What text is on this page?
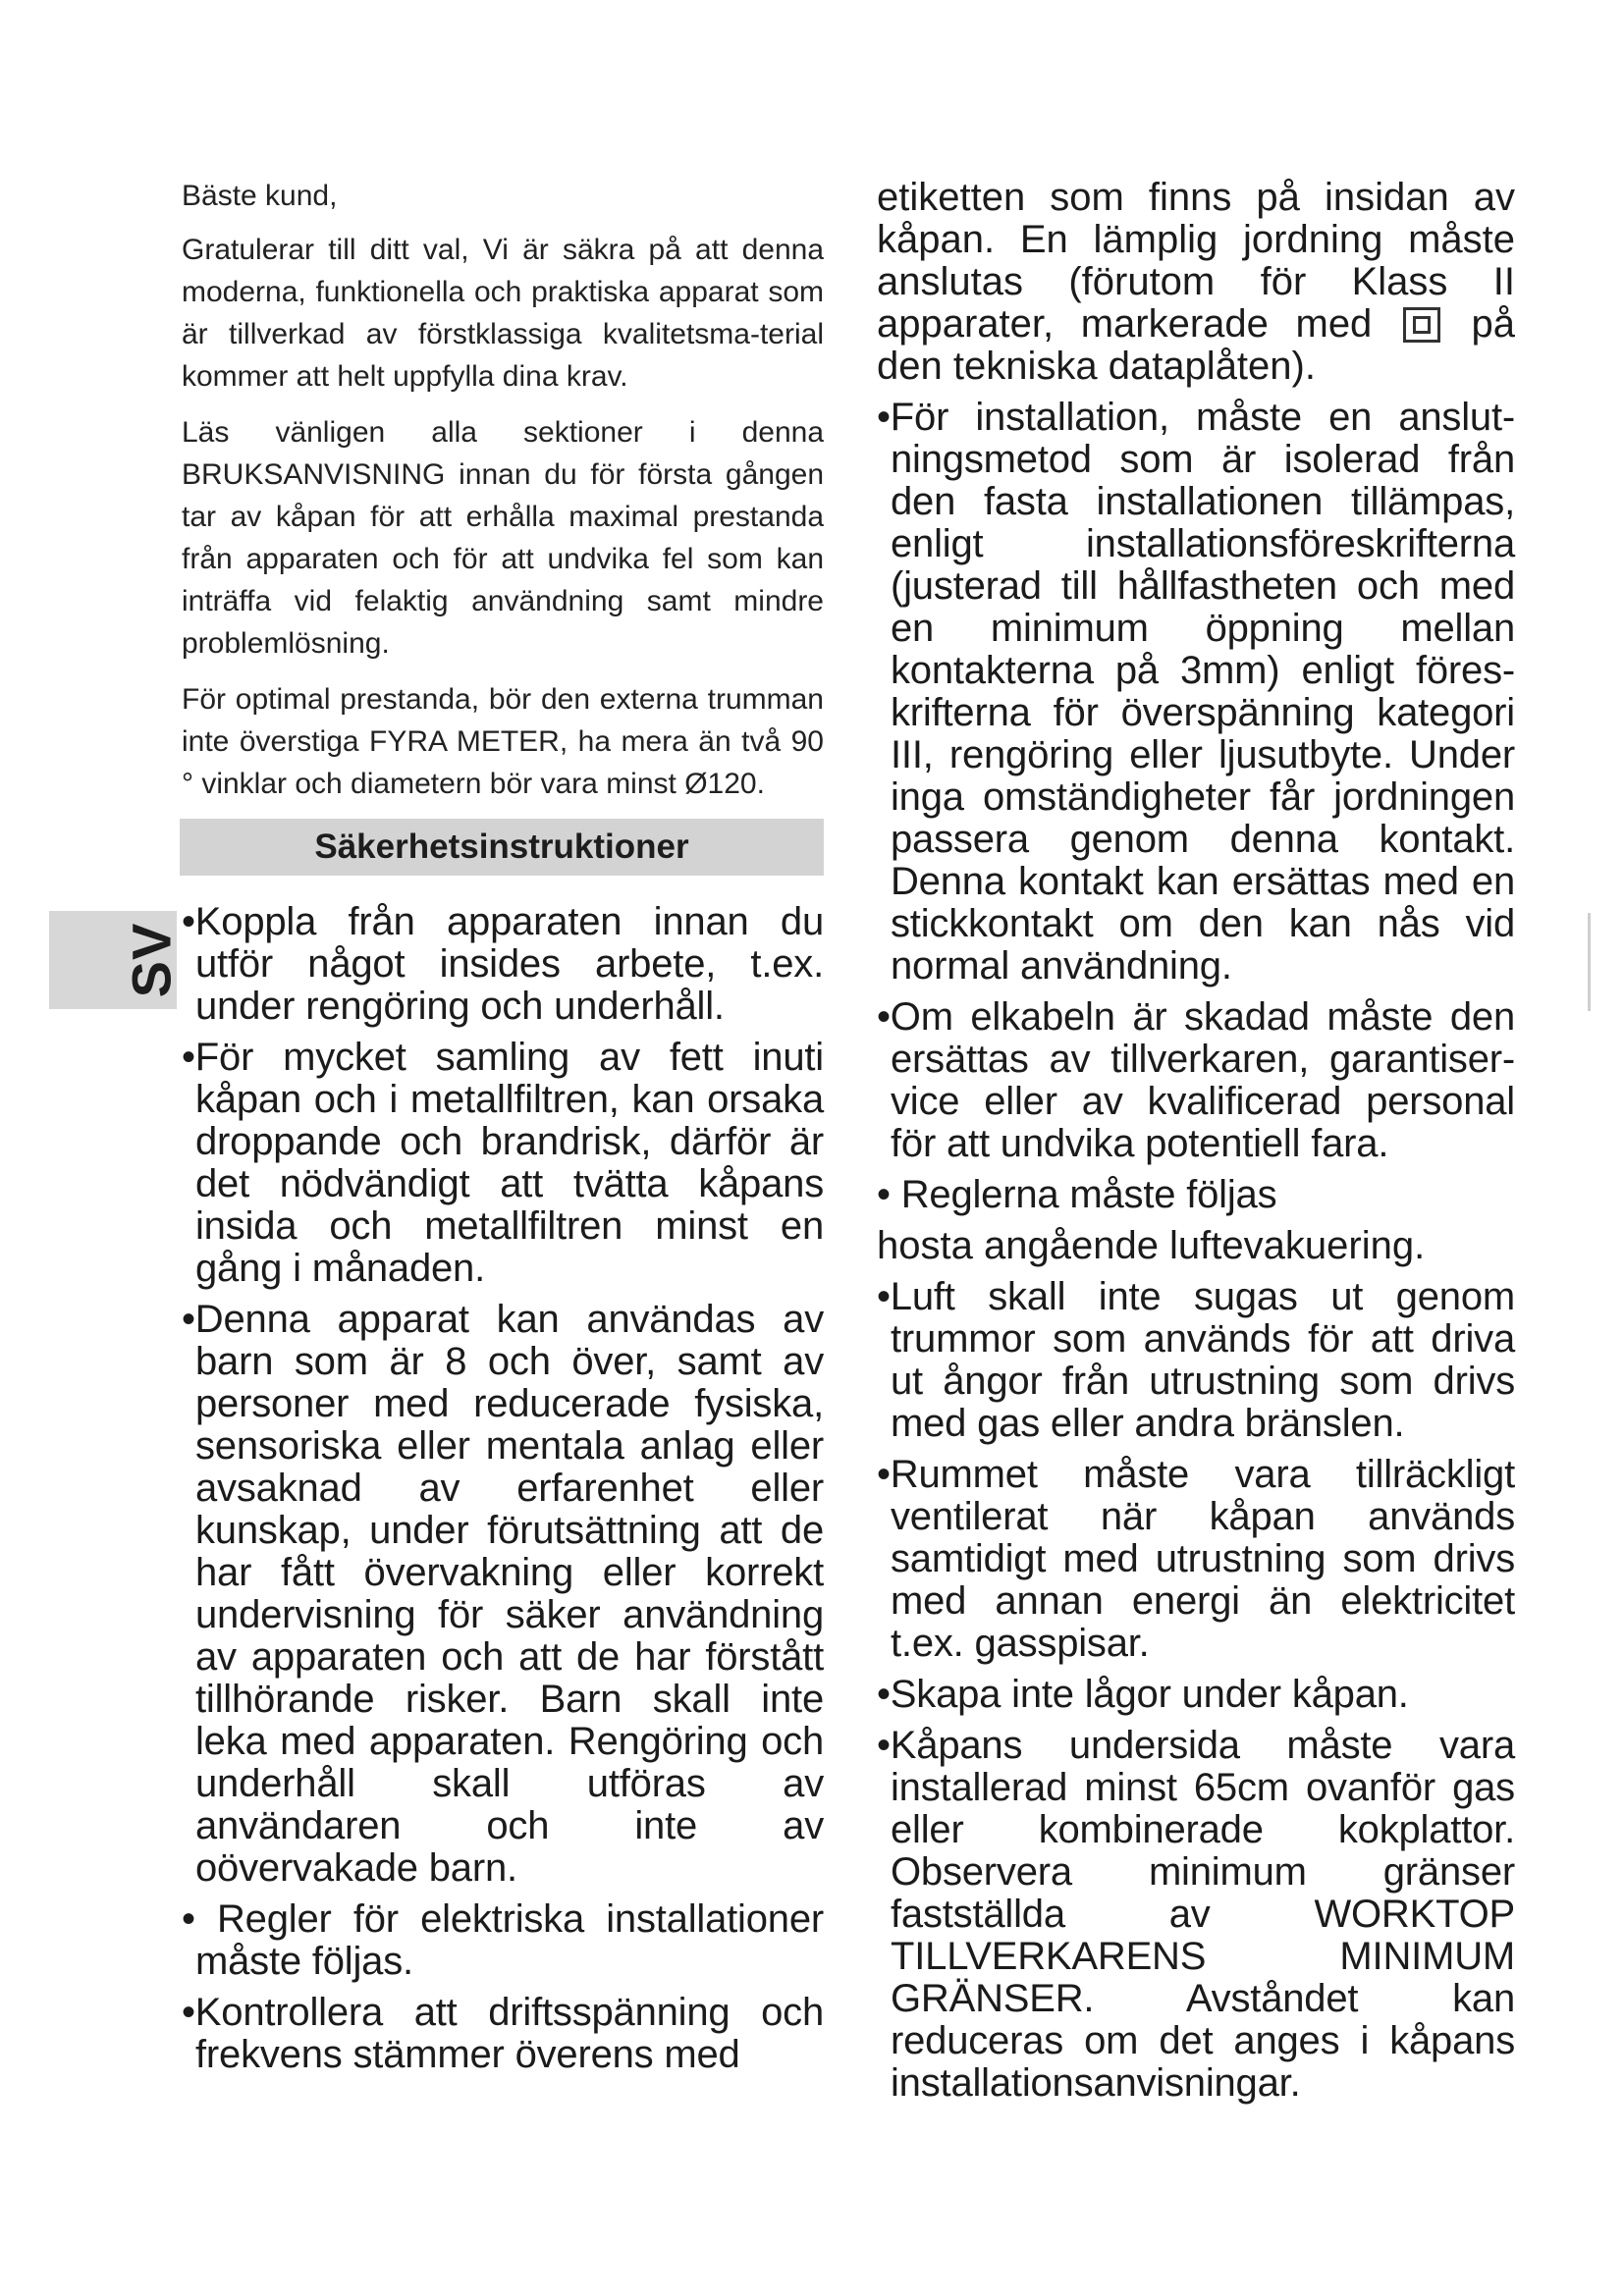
SV

Bäste kund,

Gratulerar till ditt val, Vi är säkra på att denna moderna, funktionella och praktiska apparat som är tillverkad av förstklassiga kvalitetsma-terial kommer att helt uppfylla dina krav.

Läs vänligen alla sektioner i denna BRUKSANVISNING innan du för första gången tar av kåpan för att erhålla maximal prestanda från apparaten och för att undvika fel som kan inträffa vid felaktig användning samt mindre problemlösning.

För optimal prestanda, bör den externa trumman inte överstiga FYRA METER, ha mera än två 90 ° vinklar och diametern bör vara minst Ø120.

Säkerhetsinstruktioner

•Koppla från apparaten innan du utför något insides arbete, t.ex. under rengöring och underhåll.

•För mycket samling av fett inuti kåpan och i metallfiltren, kan orsaka droppande och brandrisk, därför är det nödvändigt att tvätta kåpans insida och metallfiltren minst en gång i månaden.

•Denna apparat kan användas av barn som är 8 och över, samt av personer med reducerade fysiska, sensoriska eller mentala anlag eller avsaknad av erfarenhet eller kunskap, under förutsättning att de har fått övervakning eller korrekt undervisning för säker användning av apparaten och att de har förstått tillhörande risker. Barn skall inte leka med apparaten. Rengöring och underhåll skall utföras av användaren och inte av oövervakade barn.

• Regler för elektriska installationer måste följas.

•Kontrollera att driftsspänning och frekvens stämmer överens med

etiketten som finns på insidan av kåpan. En lämplig jordning måste anslutas (förutom för Klass II apparater, markerade med	på den tekniska dataplåten).

•För installation, måste en anslut-ningsmetod som är isolerad från den fasta installationen tillämpas, enligt installationsföreskrifterna (justerad till hållfastheten och med en minimum öppning mellan kontakterna på 3mm) enligt föres-krifterna för överspänning kategori III, rengöring eller ljusutbyte. Under inga omständigheter får jordningen passera genom denna kontakt. Denna kontakt kan ersättas med en stickkontakt om den kan nås vid normal användning.

•Om elkabeln är skadad måste den ersättas av tillverkaren, garantiser-vice eller av kvalificerad personal för att undvika potentiell fara.

• Reglerna måste följas

hosta angående luftevakuering.

•Luft skall inte sugas ut genom trummor som används för att driva ut ångor från utrustning som drivs med gas eller andra bränslen.

•Rummet måste vara tillräckligt ventilerat när kåpan används samtidigt med utrustning som drivs med annan energi än elektricitet t.ex. gasspisar.

•Skapa inte lågor under kåpan.

•Kåpans undersida måste vara installerad minst 65cm ovanför gas eller kombinerade kokplattor. Observera minimum gränser fastställda av WORKTOP TILLVERKARENS MINIMUM GRÄNSER. Avståndet kan reduceras om det anges i kåpans installationsanvisningar.
